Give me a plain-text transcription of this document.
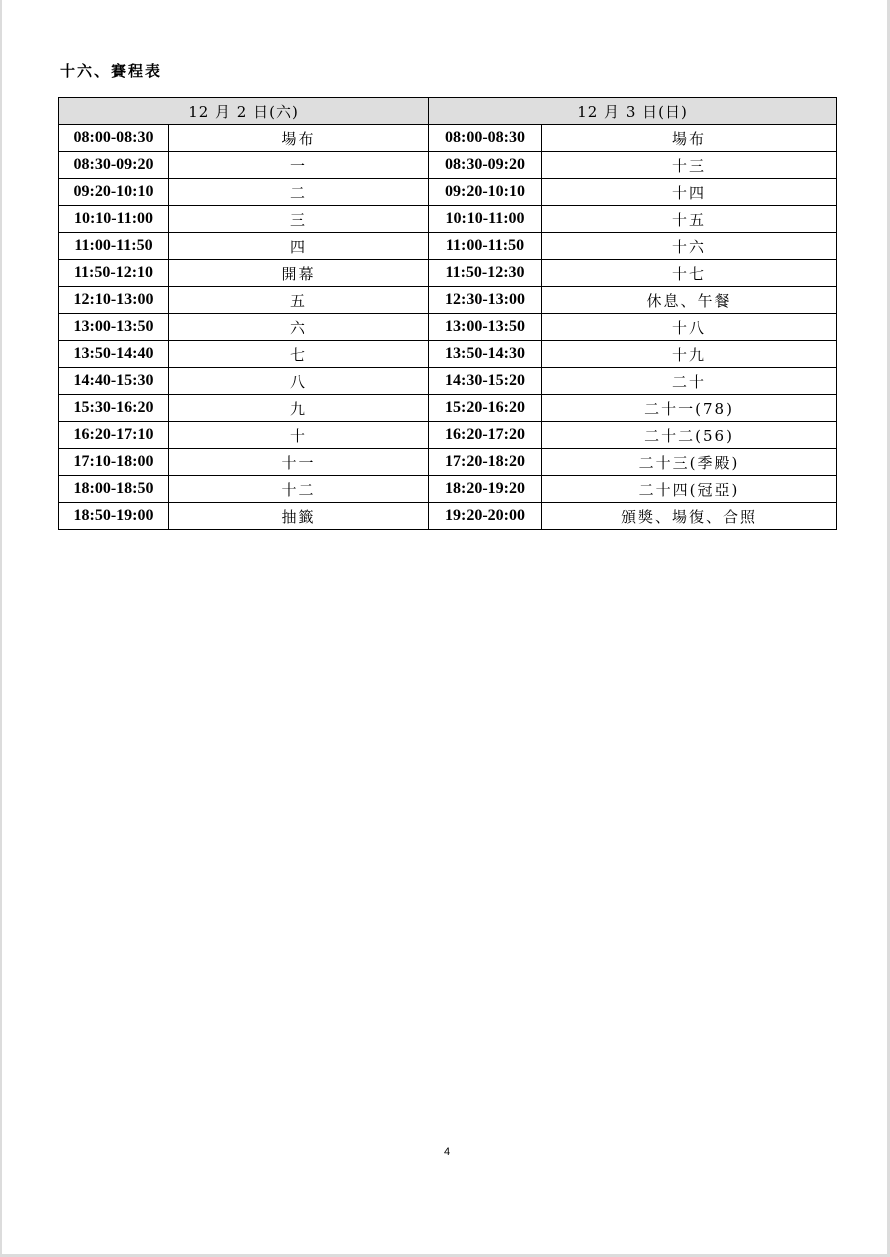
十六、賽程表
12 月 2 日(六)		12 月 3 日(日)	
08:00-08:30	場布	08:00-08:30	場布
08:30-09:20	一	08:30-09:20	十三
09:20-10:10	二	09:20-10:10	十四
10:10-11:00	三	10:10-11:00	十五
11:00-11:50	四	11:00-11:50	十六
11:50-12:10	開幕	11:50-12:30	十七
12:10-13:00	五	12:30-13:00	休息、午餐
13:00-13:50	六	13:00-13:50	十八
13:50-14:40	七	13:50-14:30	十九
14:40-15:30	八	14:30-15:20	二十
15:30-16:20	九	15:20-16:20	二十一(78)
16:20-17:10	十	16:20-17:20	二十二(56)
17:10-18:00	十一	17:20-18:20	二十三(季殿)
18:00-18:50	十二	18:20-19:20	二十四(冠亞)
18:50-19:00	抽籤	19:20-20:00	頒獎、場復、合照
4
